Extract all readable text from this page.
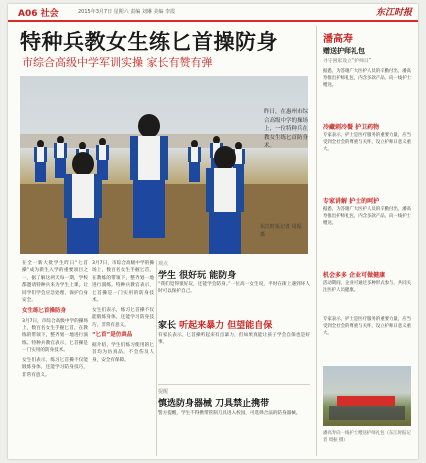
A06 社会	2015年3月7日 星期六 责编 刘琳 美编 李霞	东江时报
特种兵教女生练匕首操防身
市综合高级中学军训实操 家长有赞有弹
昨日，在惠州市综合高级中学的操场上，一位特种兵在教女生练匕首防身术。
东江时报记者 周振 摄

在全一新大批学生昨日“七首操”成为新生入学的重要项目之一，据了解这两天每一期，学校都邀请特种兵来为学生上课，让同学们学会应急处理，保护自身安全。

女生练匕首操防身

3月7日，市综合高级中学的操场上，数百名女生手握匕首，在教练的带领下，整齐划一地进行演练。特种兵教官表示，匕首操是一门实用的防身技术。

女生们表示，练习匕首操不仅能锻炼身体，还能学习防身技巧，非常有意义。

3月7日，市综合高级中学的操场上，数百名女生手握匕首，在教练的带领下，整齐划一地进行演练。特种兵教官表示，匕首操是一门实用的防身技术。

女生们表示，练习匕首操不仅能锻炼身体，还能学习防身技巧，非常有意义。

“匕首”是仿真品

据介绍，学生们练习使用的匕首均为仿真品，不会伤及人身，安全有保障。

观点
学生 很好玩 能防身

“我们觉得很好玩，还能学会防身。”一位高一女生说，平时在街上遇到坏人时可以保护自己。

家长 听起来暴力 但望能自保

有家长表示，匕首操听起来有点暴力，但如果真能让孩子学会自保也是好事。

提醒
慎选防身器械 刀具禁止携带

警方提醒，学生不得携带管制刀具进入校园，可选择合法的防身器械。

潘高寿
赠送护师礼包
寻守困家设立“护师日”
据悉，为答谢广大医护人员的辛勤付出，潘高寿推出护师礼包，内含多款产品，向一线护士赠送。
冷藏刺冷餐 护卫药物
专家表示，护士是医疗服务的重要力量，应当受到全社会的尊重与关怀，设立护师日意义重大。
专家讲解 护士的呵护
据悉，为答谢广大医护人员的辛勤付出，潘高寿推出护师礼包，内含多款产品，向一线护士赠送。
机会多多 企业可做健康
活动期间，企业可通过多种形式参与，共同关注医护人员健康。
专家表示，护士是医疗服务的重要力量，应当受到全社会的尊重与关怀，设立护师日意义重大。
潘高寿向一线护士赠送护师礼包（东江时报记者 周振 摄）
